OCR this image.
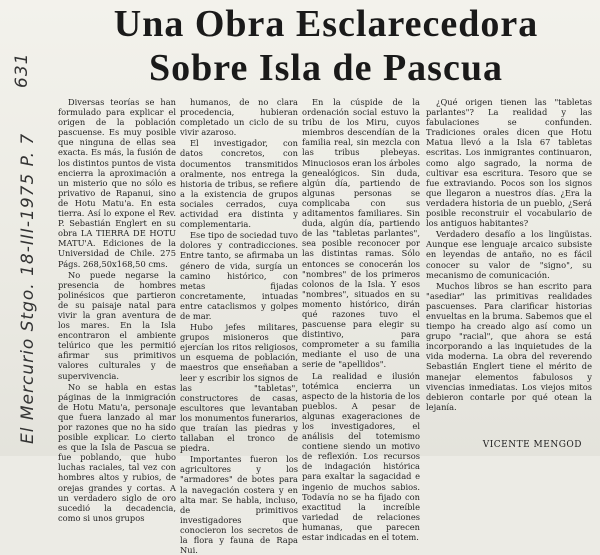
631
El Mercurio Stgo. 18-III-1975 P. 7
Una Obra Esclarecedora
Sobre Isla de Pascua

Diversas teorías se han formulado para explicar el origen de la población pascuense. Es muy posible que ninguna de ellas sea exacta. Es más, la fusión de los distintos puntos de vista encierra la aproximación a un misterio que no sólo es privativo de Rapanui, sino de Hotu Matu'a. En esta tierra. Así lo expone el Rev. P. Sebastián Englert en su obra LA TIERRA DE HOTU MATU'A. Ediciones de la Universidad de Chile. 275 Págs. 268,50x168,50 cms.

No puede negarse la presencia de hombres polinésicos que partieron de su paisaje natal para vivir la gran aventura de los mares. En la Isla encontraron el ambiente telúrico que les permitió afirmar sus primitivos valores culturales y de supervivencia.

No se habla en estas páginas de la inmigración de Hotu Matu'a, personaje que fuera lanzado al mar por razones que no ha sido posible explicar. Lo cierto es que la Isla de Pascua se fue poblando, que hubo luchas raciales, tal vez con hombres altos y rubios, de orejas grandes y cortas. A un verdadero siglo de oro sucedió la decadencia, como si unos grupos

humanos, de no clara procedencia, hubieran completado un ciclo de su vivir azaroso.

El investigador, con datos concretos, con documentos transmitidos oralmente, nos entrega la historia de tribus, se refiere a la existencia de grupos sociales cerrados, cuya actividad era distinta y complementaria.

Ese tipo de sociedad tuvo dolores y contradicciones. Entre tanto, se afirmaba un género de vida, surgía un camino histórico, con metas fijadas concretamente, intuadas entre cataclismos y golpes de mar.

Hubo jefes militares, grupos misioneros que ejercían los ritos religiosos, un esquema de población, maestros que enseñaban a leer y escribir los signos de las "tabletas", constructores de casas, escultores que levantaban los monumentos funerarios, que traían las piedras y tallaban el tronco de piedra.

Importantes fueron los agricultores y los "armadores" de botes para la navegación costera y en alta mar. Se habla, incluso, de primitivos investigadores que conocieron los secretos de la flora y fauna de Rapa Nui.

En la cúspide de la ordenación social estuvo la tribu de los Miru, cuyos miembros descendían de la familia real, sin mezcla con las tribus plebeyas. Minuciosos eran los árboles genealógicos. Sin duda, algún día, partiendo de algunas personas se complicaba con sus aditamentos familiares. Sin duda, algún día, partiendo de las "tabletas parlantes", sea posible reconocer por las distintas ramas. Sólo entonces se conocerán los "nombres" de los primeros colonos de la Isla. Y esos "nombres", situados en su momento histórico, dirán qué razones tuvo el pascuense para elegir su distintivo, para comprometer a su familia mediante el uso de una serie de "apellidos".

La realidad e ilusión totémica encierra un aspecto de la historia de los pueblos. A pesar de algunas exageraciones de los investigadores, el análisis del totemismo contiene siendo un motivo de reflexión. Los recursos de indagación histórica para exaltar la sagacidad e ingenio de muchos sabios. Todavía no se ha fijado con exactitud la increíble variedad de relaciones humanas, que parecen estar indicadas en el totem.

¿Qué origen tienen las "tabletas parlantes"? La realidad y las fabulaciones se confunden. Tradiciones orales dicen que Hotu Matua llevó a la Isla 67 tabletas escritas. Los inmigrantes continuaron, como algo sagrado, la norma de cultivar esa escritura. Tesoro que se fue extraviando. Pocos son los signos que llegaron a nuestros días. ¿Era la verdadera historia de un pueblo, ¿Será posible reconstruir el vocabulario de los antiguos habitantes?

Verdadero desafío a los lingüistas. Aunque ese lenguaje arcaico subsiste en leyendas de antaño, no es fácil conocer su valor de "signo", su mecanismo de comunicación.

Muchos libros se han escrito para "asediar" las primitivas realidades pascuenses. Para clarificar historias envueltas en la bruma. Sabemos que el tiempo ha creado algo así como un grupo "racial", que ahora se está incorporando a las inquietudes de la vida moderna. La obra del reverendo Sebastián Englert tiene el mérito de manejar elementos fabulosos y vivencias inmediatas. Los viejos mitos debieron contarle por qué otean la lejanía.

VICENTE MENGOD
